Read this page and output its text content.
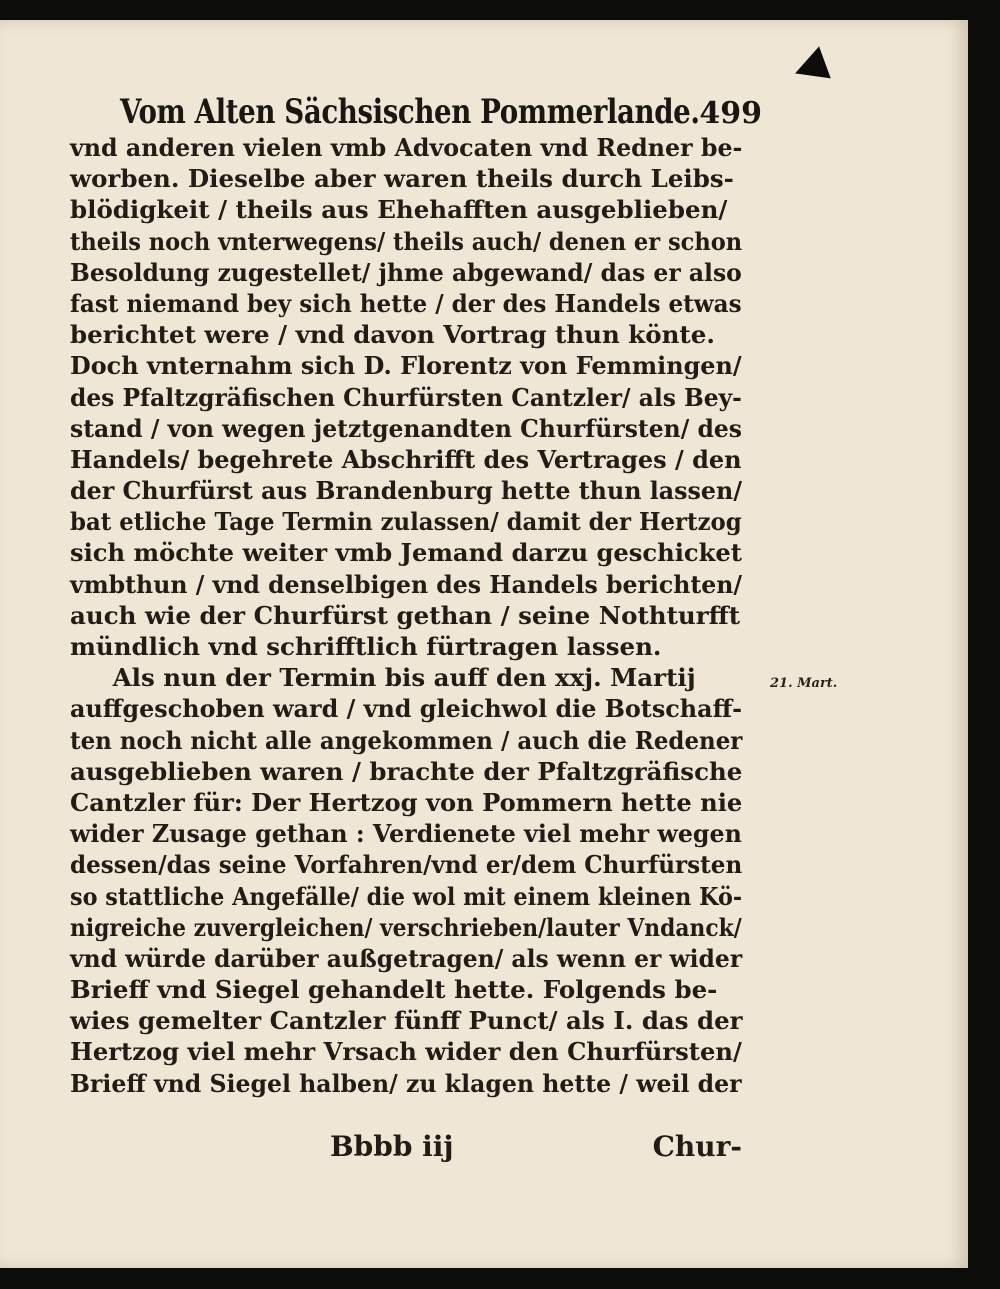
Vom Alten Sächsischen Pommerlande. 499
vnd anderen vielen vmb Advocaten vnd Redner be-
worben. Dieselbe aber waren theils durch Leibs-
blödigkeit / theils aus Ehehafften ausgeblieben/
theils noch vnterwegens/ theils auch/ denen er schon
Besoldung zugestellet/ jhme abgewand/ das er also
fast niemand bey sich hette / der des Handels etwas
berichtet were / vnd davon Vortrag thun könte.
Doch vnternahm sich D. Florentz von Femmingen/
des Pfaltzgräfischen Churfürsten Cantzler/ als Bey-
stand / von wegen jetztgenandten Churfürsten/ des
Handels/ begehrete Abschrifft des Vertrages / den
der Churfürst aus Brandenburg hette thun lassen/
bat etliche Tage Termin zulassen/ damit der Hertzog
sich möchte weiter vmb Jemand darzu geschicket
vmbthun / vnd denselbigen des Handels berichten/
auch wie der Churfürst gethan / seine Nothturfft
mündlich vnd schrifftlich fürtragen lassen.
Als nun der Termin bis auff den xxj. Martij
auffgeschoben ward / vnd gleichwol die Botschaff-
ten noch nicht alle angekommen / auch die Redener
ausgeblieben waren / brachte der Pfaltzgräfische
Cantzler für: Der Hertzog von Pommern hette nie
wider Zusage gethan : Verdienete viel mehr wegen
dessen/das seine Vorfahren/vnd er/dem Churfürsten
so stattliche Angefälle/ die wol mit einem kleinen Kö-
nigreiche zuvergleichen/ verschrieben/lauter Vndanck/
vnd würde darüber außgetragen/ als wenn er wider
Brieff vnd Siegel gehandelt hette. Folgends be-
wies gemelter Cantzler fünff Punct/ als I. das der
Hertzog viel mehr Vrsach wider den Churfürsten/
Brieff vnd Siegel halben/ zu klagen hette / weil der
21. Mart.
Bbbb iij	Chur-
